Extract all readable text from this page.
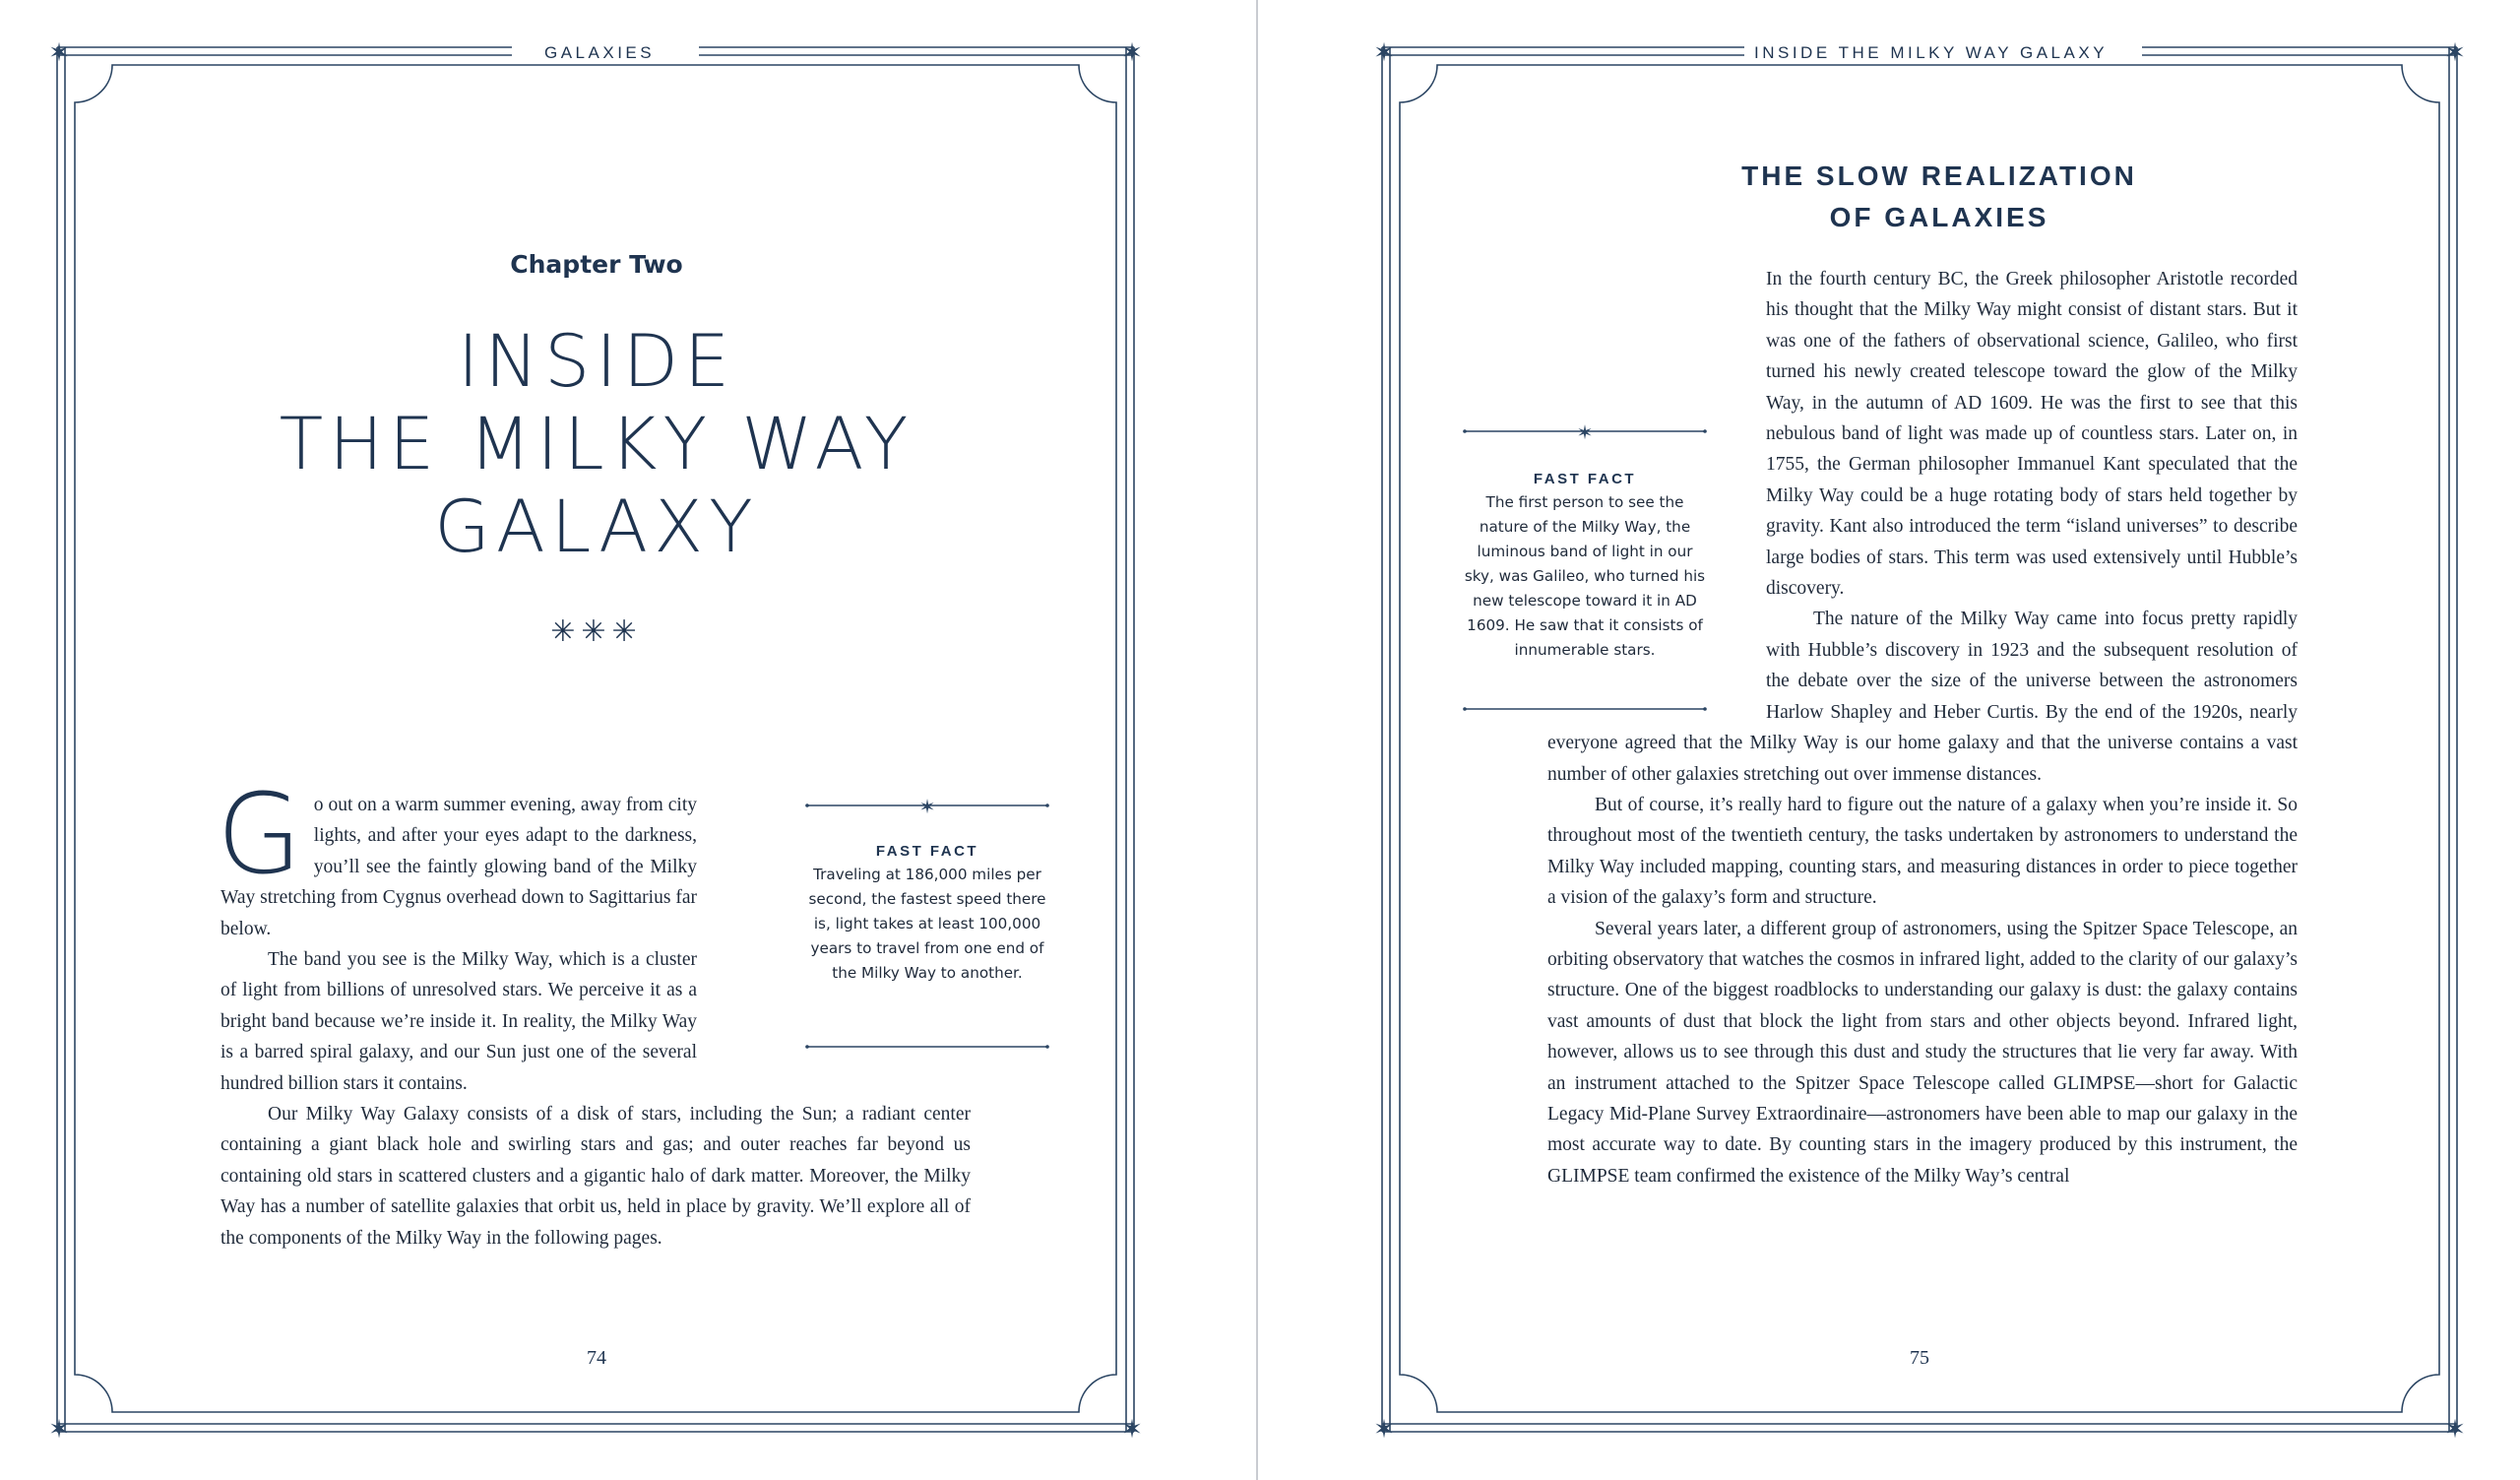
✶	✶
✶	✶
GALAXIES
Chapter Two
INSIDE
THE MILKY WAY
GALAXY
✳✳✳

Go out on a warm summer evening, away from city lights, and after your eyes adapt to the darkness, you’ll see the faintly glowing band of the Milky Way stretching from Cygnus overhead down to Sagittarius far below.

The band you see is the Milky Way, which is a cluster of light from billions of unresolved stars. We perceive it as a bright band because we’re inside it. In reality, the Milky Way is a barred spiral galaxy, and our Sun just one of the several hundred billion stars it contains.

Our Milky Way Galaxy consists of a disk of stars, including the Sun; a radiant center containing a giant black hole and swirling stars and gas; and outer reaches far beyond us containing old stars in scattered clusters and a gigantic halo of dark matter. Moreover, the Milky Way has a number of satellite galaxies that orbit us, held in place by gravity. We’ll explore all of the components of the Milky Way in the following pages.

✶
FAST FACT
Traveling at 186,000 miles per second, the fastest speed there is, light takes at least 100,000 years to travel from one end of the Milky Way to another.
74
✶	✶
✶	✶
INSIDE THE MILKY WAY GALAXY
75
THE SLOW REALIZATION
OF GALAXIES

In the fourth century BC, the Greek philosopher Aristotle recorded his thought that the Milky Way might consist of distant stars. But it was one of the fathers of observational science, Galileo, who first turned his newly created telescope toward the glow of the Milky Way, in the autumn of AD 1609. He was the first to see that this nebulous band of light was made up of countless stars. Later on, in 1755, the German philosopher Immanuel Kant speculated that the Milky Way could be a huge rotating body of stars held together by gravity. Kant also introduced the term “island universes” to describe large bodies of stars. This term was used extensively until Hubble’s discovery.

The nature of the Milky Way came into focus pretty rapidly with Hubble’s discovery in 1923 and the subsequent resolution of the debate over the size of the universe between the astronomers Harlow Shapley and Heber Curtis. By the end of the 1920s, nearly everyone agreed that the Milky Way is our home galaxy and that the universe contains a vast number of other galaxies stretching out over immense distances.

But of course, it’s really hard to figure out the nature of a galaxy when you’re inside it. So throughout most of the twentieth century, the tasks undertaken by astronomers to understand the Milky Way included mapping, counting stars, and measuring distances in order to piece together a vision of the galaxy’s form and structure.

Several years later, a different group of astronomers, using the Spitzer Space Telescope, an orbiting observatory that watches the cosmos in infrared light, added to the clarity of our galaxy’s structure. One of the biggest roadblocks to understanding our galaxy is dust: the galaxy contains vast amounts of dust that block the light from stars and other objects beyond. Infrared light, however, allows us to see through this dust and study the structures that lie very far away. With an instrument attached to the Spitzer Space Telescope called GLIMPSE—short for Galactic Legacy Mid-Plane Survey Extraordinaire—astronomers have been able to map our galaxy in the most accurate way to date. By counting stars in the imagery produced by this instrument, the GLIMPSE team confirmed the existence of the Milky Way’s central

✶
FAST FACT
The first person to see the nature of the Milky Way, the luminous band of light in our sky, was Galileo, who turned his new telescope toward it in AD 1609. He saw that it consists of innumerable stars.
